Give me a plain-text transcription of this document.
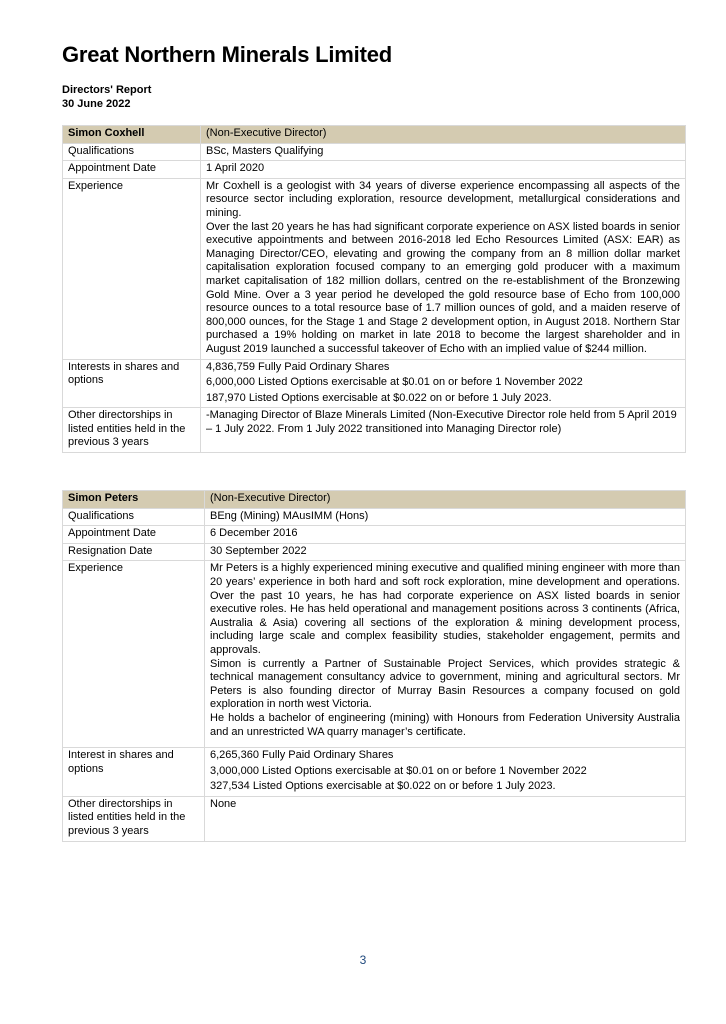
Great Northern Minerals Limited
Directors' Report
30 June 2022
Simon Coxhell	(Non-Executive Director)
Qualifications	BSc, Masters Qualifying
Appointment Date	1 April 2020
Experience	Mr Coxhell is a geologist with 34 years of diverse experience encompassing all aspects of the resource sector including exploration, resource development, metallurgical considerations and mining.
Over the last 20 years he has had significant corporate experience on ASX listed boards in senior executive appointments and between 2016-2018 led Echo Resources Limited (ASX: EAR) as Managing Director/CEO, elevating and growing the company from an 8 million dollar market capitalisation exploration focused company to an emerging gold producer with a maximum market capitalisation of 182 million dollars, centred on the re-establishment of the Bronzewing Gold Mine. Over a 3 year period he developed the gold resource base of Echo from 100,000 resource ounces to a total resource base of 1.7 million ounces of gold, and a maiden reserve of 800,000 ounces, for the Stage 1 and Stage 2 development option, in August 2018. Northern Star purchased a 19% holding on market in late 2018 to become the largest shareholder and in August 2019 launched a successful takeover of Echo with an implied value of $244 million.

Interests in shares and options	4,836,759 Fully Paid Ordinary Shares
6,000,000 Listed Options exercisable at $0.01 on or before 1 November 2022
187,970 Listed Options exercisable at $0.022 on or before 1 July 2023.

Other directorships in listed entities held in the previous 3 years	-Managing Director of Blaze Minerals Limited (Non-Executive Director role held from 5 April 2019 – 1 July 2022. From 1 July 2022 transitioned into Managing Director role)
Simon Peters	(Non-Executive Director)
Qualifications	BEng (Mining) MAusIMM (Hons)
Appointment Date	6 December 2016
Resignation Date	30 September 2022
Experience	Mr Peters is a highly experienced mining executive and qualified mining engineer with more than 20 years’ experience in both hard and soft rock exploration, mine development and operations. Over the past 10 years, he has had corporate experience on ASX listed boards in senior executive roles. He has held operational and management positions across 3 continents (Africa, Australia & Asia) covering all sections of the exploration & mining development process, including large scale and complex feasibility studies, stakeholder engagement, permits and approvals.
Simon is currently a Partner of Sustainable Project Services, which provides strategic & technical management consultancy advice to government, mining and agricultural sectors. Mr Peters is also founding director of Murray Basin Resources a company focused on gold exploration in north west Victoria.
He holds a bachelor of engineering (mining) with Honours from Federation University Australia and an unrestricted WA quarry manager’s certificate.

Interest in shares and options	6,265,360 Fully Paid Ordinary Shares
3,000,000 Listed Options exercisable at $0.01 on or before 1 November 2022
327,534 Listed Options exercisable at $0.022 on or before 1 July 2023.

Other directorships in listed entities held in the previous 3 years	None
3
